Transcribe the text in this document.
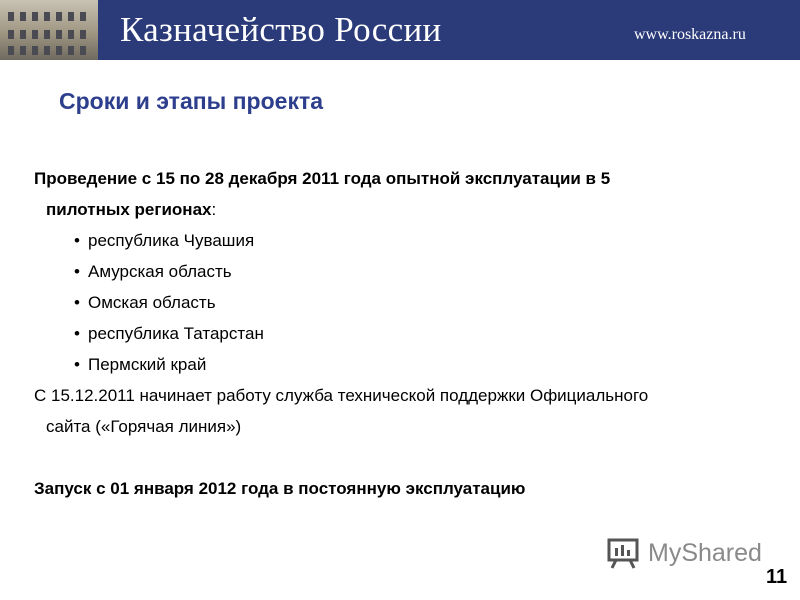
Казначейство России	www.roskazna.ru
Сроки и этапы проекта

Проведение с 15 по 28 декабря 2011 года опытной эксплуатации в 5
пилотных регионах:

• республика Чувашия
• Амурская область
• Омская область
• республика Татарстан
• Пермский край

С 15.12.2011 начинает работу служба технической поддержки Официального
сайта («Горячая линия»)

Запуск с 01 января 2012 года в постоянную эксплуатацию

MyShared
11
